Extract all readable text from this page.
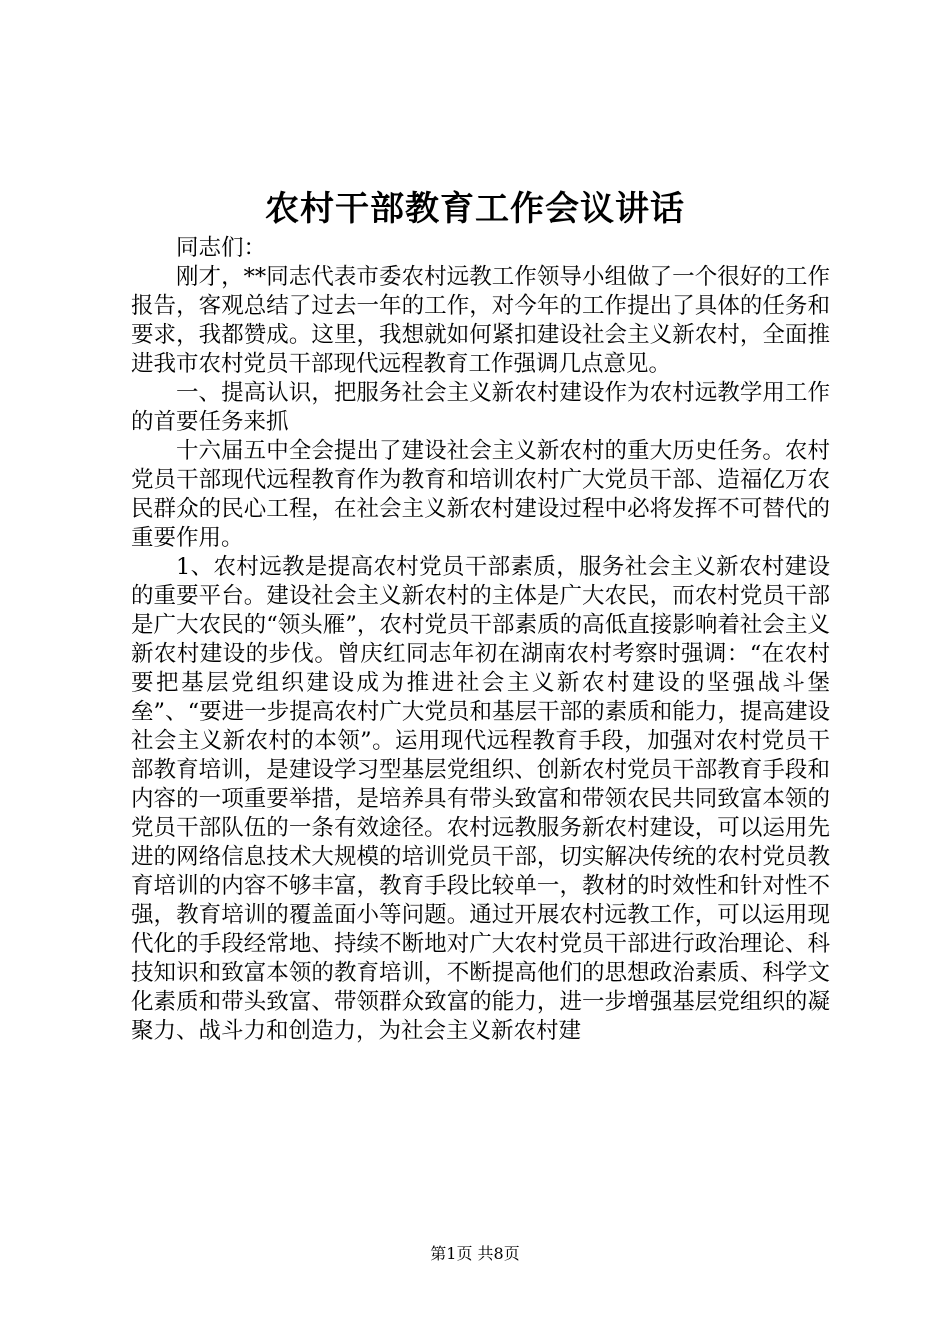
农村干部教育工作会议讲话

同志们：

刚才，**同志代表市委农村远教工作领导小组做了一个很好的工作报告，客观总结了过去一年的工作，对今年的工作提出了具体的任务和要求，我都赞成。这里，我想就如何紧扣建设社会主义新农村，全面推进我市农村党员干部现代远程教育工作强调几点意见。

一、提高认识，把服务社会主义新农村建设作为农村远教学用工作的首要任务来抓

十六届五中全会提出了建设社会主义新农村的重大历史任务。农村党员干部现代远程教育作为教育和培训农村广大党员干部、造福亿万农民群众的民心工程，在社会主义新农村建设过程中必将发挥不可替代的重要作用。

1、农村远教是提高农村党员干部素质，服务社会主义新农村建设的重要平台。建设社会主义新农村的主体是广大农民，而农村党员干部是广大农民的“领头雁”，农村党员干部素质的高低直接影响着社会主义新农村建设的步伐。曾庆红同志年初在湖南农村考察时强调：“在农村要把基层党组织建设成为推进社会主义新农村建设的坚强战斗堡垒”、“要进一步提高农村广大党员和基层干部的素质和能力，提高建设社会主义新农村的本领”。运用现代远程教育手段，加强对农村党员干部教育培训，是建设学习型基层党组织、创新农村党员干部教育手段和内容的一项重要举措，是培养具有带头致富和带领农民共同致富本领的党员干部队伍的一条有效途径。农村远教服务新农村建设，可以运用先进的网络信息技术大规模的培训党员干部，切实解决传统的农村党员教育培训的内容不够丰富，教育手段比较单一，教材的时效性和针对性不强，教育培训的覆盖面小等问题。通过开展农村远教工作，可以运用现代化的手段经常地、持续不断地对广大农村党员干部进行政治理论、科技知识和致富本领的教育培训，不断提高他们的思想政治素质、科学文化素质和带头致富、带领群众致富的能力，进一步增强基层党组织的凝聚力、战斗力和创造力，为社会主义新农村建

第1页 共8页
